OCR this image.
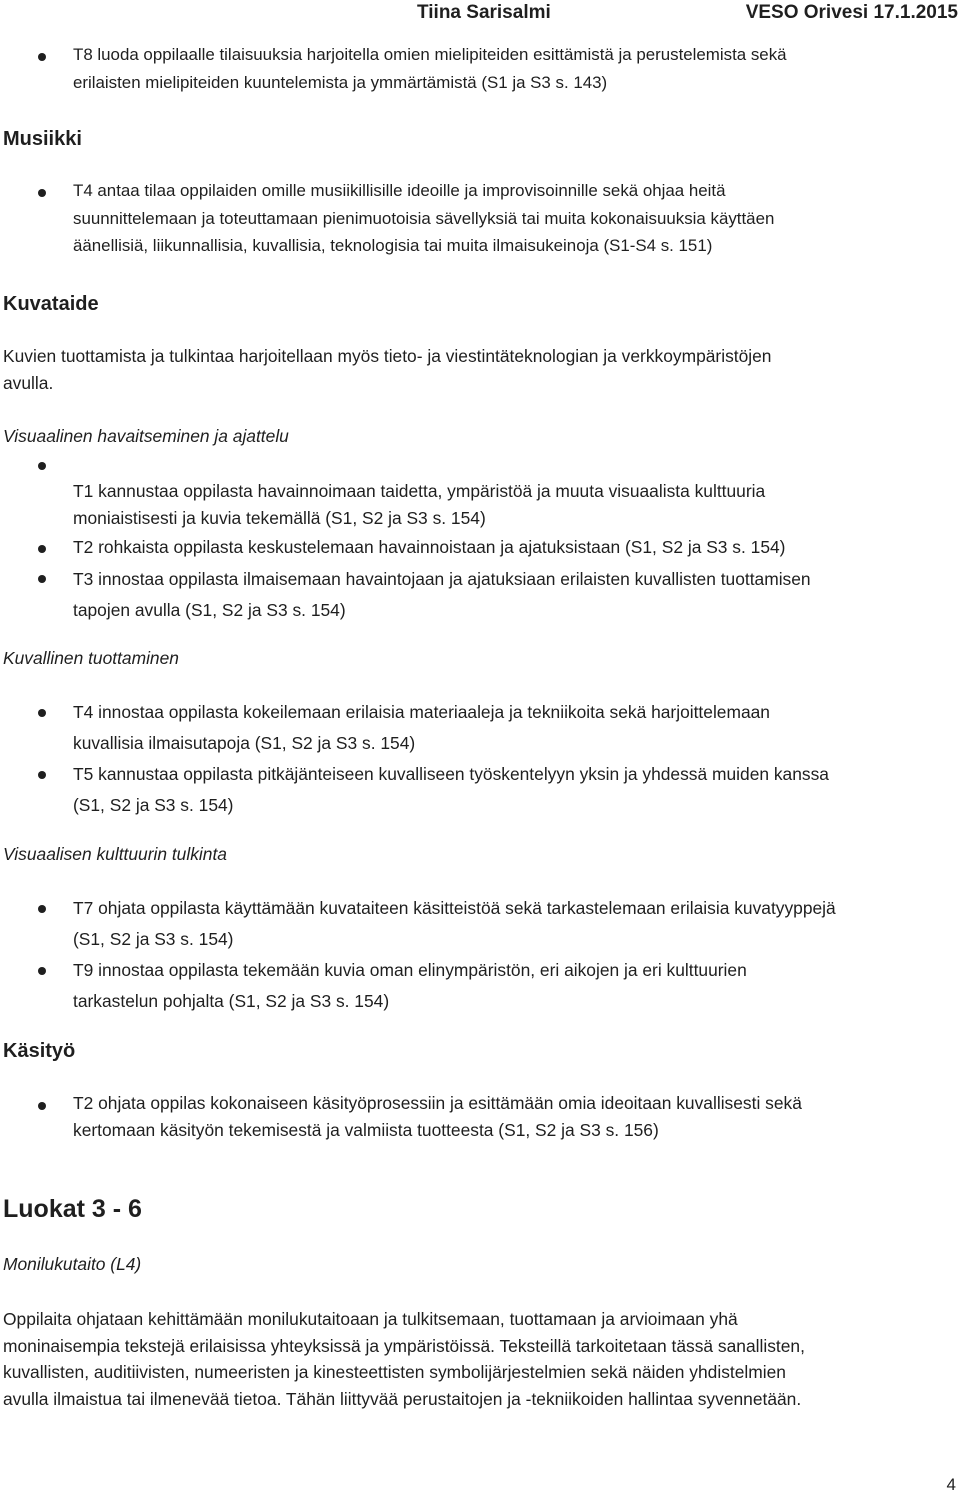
Tiina Sarisalmi	VESO Orivesi 17.1.2015
T8 luoda oppilaalle tilaisuuksia harjoitella omien mielipiteiden esittämistä ja perustelemista sekä
erilaisten mielipiteiden kuuntelemista ja ymmärtämistä (S1 ja S3 s. 143)
Musiikki
T4 antaa tilaa oppilaiden omille musiikillisille ideoille ja improvisoinnille sekä ohjaa heitä
suunnittelemaan ja toteuttamaan pienimuotoisia sävellyksiä tai muita kokonaisuuksia käyttäen
äänellisiä, liikunnallisia, kuvallisia, teknologisia tai muita ilmaisukeinoja (S1-S4 s. 151)
Kuvataide
Kuvien tuottamista ja tulkintaa harjoitellaan myös tieto- ja viestintäteknologian ja verkkoympäristöjen
avulla.
Visuaalinen havaitseminen ja ajattelu
T1 kannustaa oppilasta havainnoimaan taidetta, ympäristöä ja muuta visuaalista kulttuuria
moniaistisesti ja kuvia tekemällä (S1, S2 ja S3 s. 154)
T2 rohkaista oppilasta keskustelemaan havainnoistaan ja ajatuksistaan (S1, S2 ja S3 s. 154)
T3 innostaa oppilasta ilmaisemaan havaintojaan ja ajatuksiaan erilaisten kuvallisten tuottamisen
tapojen avulla (S1, S2 ja S3 s. 154)
Kuvallinen tuottaminen
T4 innostaa oppilasta kokeilemaan erilaisia materiaaleja ja tekniikoita sekä harjoittelemaan
kuvallisia ilmaisutapoja (S1, S2 ja S3 s. 154)
T5 kannustaa oppilasta pitkäjänteiseen kuvalliseen työskentelyyn yksin ja yhdessä muiden kanssa
(S1, S2 ja S3 s. 154)
Visuaalisen kulttuurin tulkinta
T7 ohjata oppilasta käyttämään kuvataiteen käsitteistöä sekä tarkastelemaan erilaisia kuvatyyppejä
(S1, S2 ja S3 s. 154)
T9 innostaa oppilasta tekemään kuvia oman elinympäristön, eri aikojen ja eri kulttuurien
tarkastelun pohjalta (S1, S2 ja S3 s. 154)
Käsityö
T2 ohjata oppilas kokonaiseen käsityöprosessiin ja esittämään omia ideoitaan kuvallisesti sekä
kertomaan käsityön tekemisestä ja valmiista tuotteesta (S1, S2 ja S3 s. 156)
Luokat 3 - 6
Monilukutaito (L4)
Oppilaita ohjataan kehittämään monilukutaitoaan ja tulkitsemaan, tuottamaan ja arvioimaan yhä
moninaisempia tekstejä erilaisissa yhteyksissä ja ympäristöissä. Teksteillä tarkoitetaan tässä sanallisten,
kuvallisten, auditiivisten, numeeristen ja kinesteettisten symbolijärjestelmien sekä näiden yhdistelmien
avulla ilmaistua tai ilmenevää tietoa. Tähän liittyvää perustaitojen ja -tekniikoiden hallintaa syvennetään.
4
